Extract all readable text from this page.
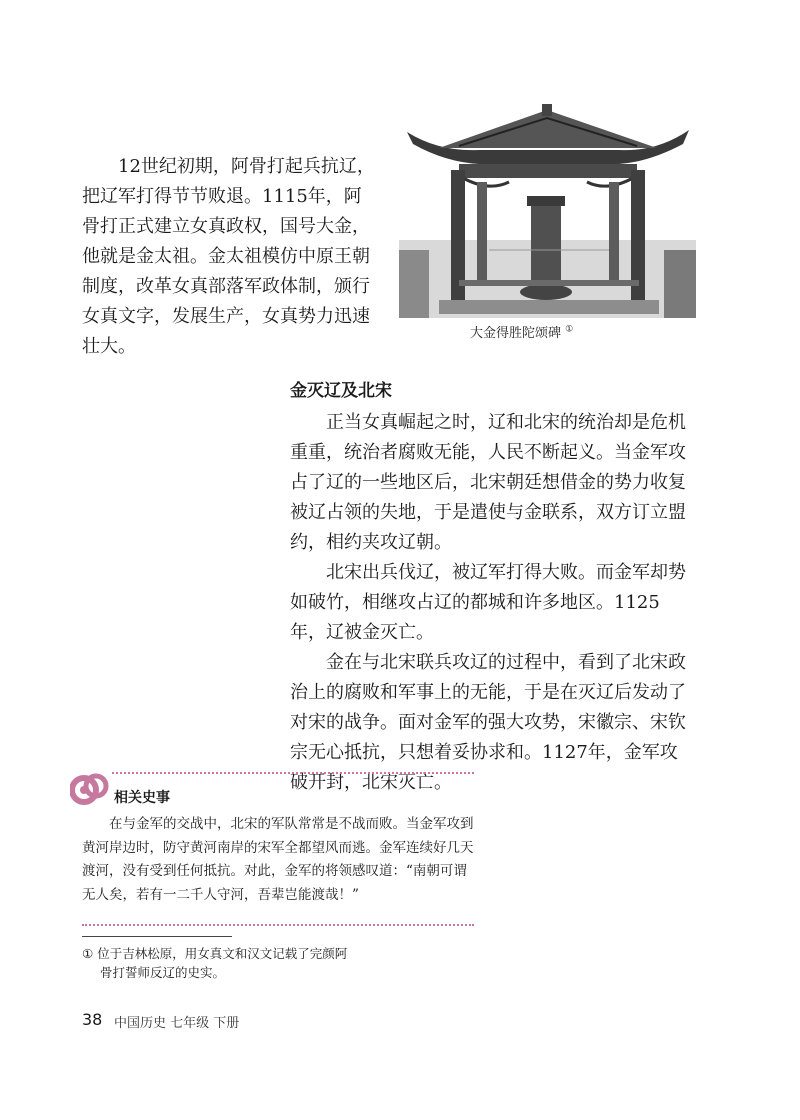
12世纪初期，阿骨打起兵抗辽，把辽军打得节节败退。1115年，阿骨打正式建立女真政权，国号大金，他就是金太祖。金太祖模仿中原王朝制度，改革女真部落军政体制，颁行女真文字，发展生产，女真势力迅速壮大。

大金得胜陀颂碑 ①
金灭辽及北宋

正当女真崛起之时，辽和北宋的统治却是危机重重，统治者腐败无能，人民不断起义。当金军攻占了辽的一些地区后，北宋朝廷想借金的势力收复被辽占领的失地，于是遣使与金联系，双方订立盟约，相约夹攻辽朝。

北宋出兵伐辽，被辽军打得大败。而金军却势如破竹，相继攻占辽的都城和许多地区。1125年，辽被金灭亡。

金在与北宋联兵攻辽的过程中，看到了北宋政治上的腐败和军事上的无能，于是在灭辽后发动了对宋的战争。面对金军的强大攻势，宋徽宗、宋钦宗无心抵抗，只想着妥协求和。1127年，金军攻破开封，北宋灭亡。

相关史事

在与金军的交战中，北宋的军队常常是不战而败。当金军攻到黄河岸边时，防守黄河南岸的宋军全都望风而逃。金军连续好几天渡河，没有受到任何抵抗。对此，金军的将领感叹道：“南朝可谓无人矣，若有一二千人守河，吾辈岂能渡哉！”

① 位于吉林松原，用女真文和汉文记载了完颜阿
骨打誓师反辽的史实。
38 中国历史 七年级 下册
